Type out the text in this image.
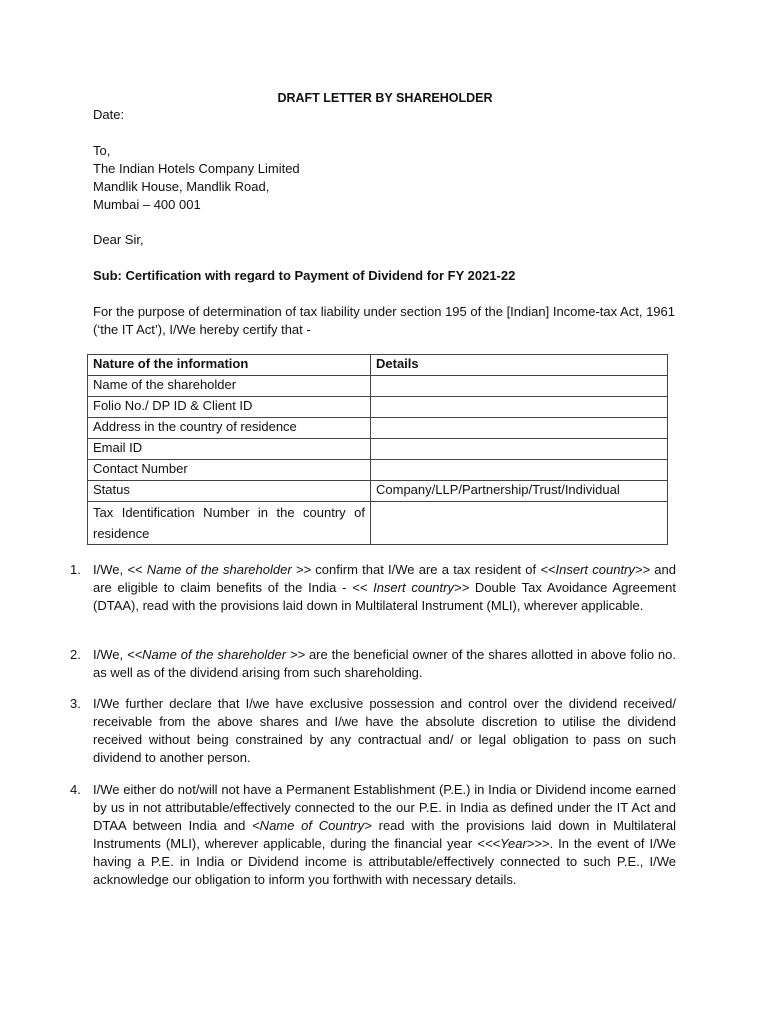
DRAFT LETTER BY SHAREHOLDER
Date:
To,
The Indian Hotels Company Limited
Mandlik House, Mandlik Road,
Mumbai – 400 001
Dear Sir,
Sub: Certification with regard to Payment of Dividend for FY 2021-22
For the purpose of determination of tax liability under section 195 of the [Indian] Income-tax Act, 1961 (‘the IT Act’), I/We hereby certify that -
Nature of the information	Details
Name of the shareholder	
Folio No./ DP ID & Client ID	
Address in the country of residence	
Email ID	
Contact Number	
Status	Company/LLP/Partnership/Trust/Individual
Tax Identification Number in the country of residence	
1. I/We, << Name of the shareholder >> confirm that I/We are a tax resident of <<Insert country>> and are eligible to claim benefits of the India - << Insert country>> Double Tax Avoidance Agreement (DTAA), read with the provisions laid down in Multilateral Instrument (MLI), wherever applicable.
2. I/We, <<Name of the shareholder >> are the beneficial owner of the shares allotted in above folio no. as well as of the dividend arising from such shareholding.
3. I/We further declare that I/we have exclusive possession and control over the dividend received/ receivable from the above shares and I/we have the absolute discretion to utilise the dividend received without being constrained by any contractual and/ or legal obligation to pass on such dividend to another person.
4. I/We either do not/will not have a Permanent Establishment (P.E.) in India or Dividend income earned by us in not attributable/effectively connected to the our P.E. in India as defined under the IT Act and DTAA between India and <Name of Country> read with the provisions laid down in Multilateral Instruments (MLI), wherever applicable, during the financial year <<<Year>>>. In the event of I/We having a P.E. in India or Dividend income is attributable/effectively connected to such P.E., I/We acknowledge our obligation to inform you forthwith with necessary details.
